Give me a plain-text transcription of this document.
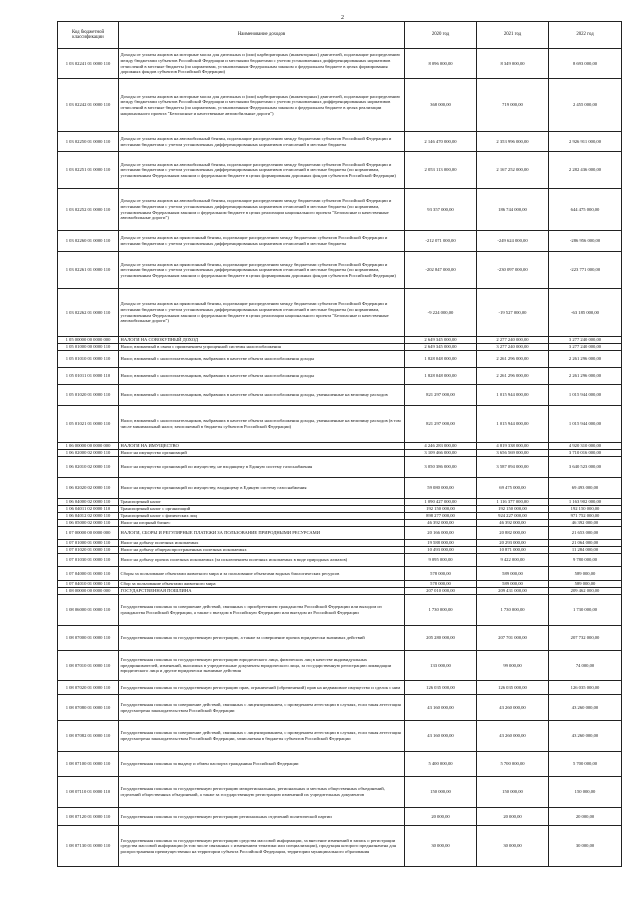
2
Код бюджетной классификации	Наименование доходов	2020 год	2021 год	2022 год
1 03 02241 01 0000 110	Доходы от уплаты акцизов на моторные масла для дизельных и (или) карбюраторных (инжекторных) двигателей, подлежащие распределению между бюджетами субъектов Российской Федерации и местными бюджетами с учетом установленных дифференцированных нормативов отчислений в местные бюджеты (по нормативам, установленным Федеральным законом о федеральном бюджете в целях формирования дорожных фондов субъектов Российской Федерации)	8 096 000,00	8 349 000,00	8 693 000,00
1 03 02242 01 0000 110	Доходы от уплаты акцизов на моторные масла для дизельных и (или) карбюраторных (инжекторных) двигателей, подлежащие распределению между бюджетами субъектов Российской Федерации и местными бюджетами с учетом установленных дифференцированных нормативов отчислений в местные бюджеты (по нормативам, установленным Федеральным законом о федеральном бюджете в целях реализации национального проекта "Безопасные и качественные автомобильные дороги")	368 000,00	719 000,00	2 455 000,00
1 03 02250 01 0000 110	Доходы от уплаты акцизов на автомобильный бензин, подлежащие распределению между бюджетами субъектов Российской Федерации и местными бюджетами с учетом установленных дифференцированных нормативов отчислений в местные бюджеты	2 146 470 000,00	2 353 996 000,00	2 926 911 000,00
1 03 02251 01 0000 110	Доходы от уплаты акцизов на автомобильный бензин, подлежащие распределению между бюджетами субъектов Российской Федерации и местными бюджетами с учетом установленных дифференцированных нормативов отчислений в местные бюджеты (по нормативам, установленным Федеральным законом о федеральном бюджете в целях формирования дорожных фондов субъектов Российской Федерации)	2 053 113 000,00	2 167 252 000,00	2 282 436 000,00
1 03 02252 01 0000 110	Доходы от уплаты акцизов на автомобильный бензин, подлежащие распределению между бюджетами субъектов Российской Федерации и местными бюджетами с учетом установленных дифференцированных нормативов отчислений в местные бюджеты (по нормативам, установленным Федеральным законом о федеральном бюджете в целях реализации национального проекта "Безопасные и качественные автомобильные дороги")	93 357 000,00	186 744 000,00	644 475 000,00
1 03 02260 01 0000 110	Доходы от уплаты акцизов на прямогонный бензин, подлежащие распределению между бюджетами субъектов Российской Федерации и местными бюджетами с учетом установленных дифференцированных нормативов отчислений в местные бюджеты	-212 071 000,00	-249 624 000,00	-286 956 000,00
1 03 02261 01 0000 110	Доходы от уплаты акцизов на прямогонный бензин, подлежащие распределению между бюджетами субъектов Российской Федерации и местными бюджетами с учетом установленных дифференцированных нормативов отчислений в местные бюджеты (по нормативам, установленным Федеральным законом о федеральном бюджете в целях формирования дорожных фондов субъектов Российской Федерации)	-202 847 000,00	-230 097 000,00	-223 771 000,00
1 03 02262 01 0000 110	Доходы от уплаты акцизов на прямогонный бензин, подлежащие распределению между бюджетами субъектов Российской Федерации и местными бюджетами с учетом установленных дифференцированных нормативов отчислений в местные бюджеты (по нормативам, установленным Федеральным законом о федеральном бюджете в целях реализации национального проекта "Безопасные и качественные автомобильные дороги")	-9 224 000,00	-19 527 000,00	-63 185 000,00
1 05 00000 00 0000 000	НАЛОГИ НА СОВОКУПНЫЙ ДОХОД	2 649 345 000,00	2 277 240 000,00	3 277 240 000,00
1 05 01000 00 0000 110	Налог, взимаемый в связи с применением упрощенной системы налогообложения	2 649 345 000,00	3 277 240 000,00	3 277 240 000,00
1 05 01010 01 0000 110	Налог, взимаемый с налогоплательщиков, выбравших в качестве объекта налогообложения доходы	1 828 048 000,00	2 261 296 000,00	2 261 296 000,00
1 05 01011 01 0000 110	Налог, взимаемый с налогоплательщиков, выбравших в качестве объекта налогообложения доходы	1 828 048 000,00	2 261 296 000,00	2 261 296 000,00
1 05 01020 01 0000 110	Налог, взимаемый с налогоплательщиков, выбравших в качестве объекта налогообложения доходы, уменьшенные на величину расходов	821 297 000,00	1 015 944 000,00	1 015 944 000,00
1 05 01021 01 0000 110	Налог, взимаемый с налогоплательщиков, выбравших в качестве объекта налогообложения доходы, уменьшенные на величину расходов (в том числе минимальный налог, зачисляемый в бюджеты субъектов Российской Федерации)	821 297 000,00	1 015 944 000,00	1 015 944 000,00
1 06 00000 00 0000 000	НАЛОГИ НА ИМУЩЕСТВО	4 246 283 000,00	4 819 338 000,00	4 920 310 000,00
1 06 02000 02 0000 110	Налог на имущество организаций	3 109 466 000,00	3 656 569 000,00	3 710 016 000,00
1 06 02010 02 0000 110	Налог на имущество организаций по имуществу, не входящему в Единую систему газоснабжения	3 050 386 000,00	3 587 094 000,00	3 640 523 000,00
1 06 02020 02 0000 110	Налог на имущество организаций по имуществу, входящему в Единую систему газоснабжения	59 080 000,00	69 475 000,00	69 493 000,00
1 06 04000 02 0000 110	Транспортный налог	1 090 427 000,00	1 116 377 000,00	1 163 902 000,00
1 06 04011 02 0000 110	Транспортный налог с организаций	192 150 000,00	192 150 000,00	192 150 000,00
1 06 04012 02 0000 110	Транспортный налог с физических лиц	898 277 000,00	924 227 000,00	971 752 000,00
1 06 05000 02 0000 110	Налог на игорный бизнес	46 392 000,00	46 392 000,00	46 392 000,00
1 07 00000 00 0000 000	НАЛОГИ, СБОРЫ И РЕГУЛЯРНЫЕ ПЛАТЕЖИ ЗА ПОЛЬЗОВАНИЕ ПРИРОДНЫМИ РЕСУРСАМИ	20 166 000,00	20 882 000,00	21 653 000,00
1 07 01000 01 0000 110	Налог на добычу полезных ископаемых	19 588 000,00	20 293 000,00	21 064 000,00
1 07 01020 01 0000 110	Налог на добычу общераспространенных полезных ископаемых	10 493 000,00	10 871 000,00	11 284 000,00
1 07 01030 01 0000 110	Налог на добычу прочих полезных ископаемых (за исключением полезных ископаемых в виде природных алмазов)	9 095 000,00	9 422 000,00	9 780 000,00
1 07 04000 01 0000 110	Сборы за пользование объектами животного мира и за пользование объектами водных биологических ресурсов	578 000,00	589 000,00	589 000,00
1 07 04010 01 0000 110	Сбор за пользование объектами животного мира	578 000,00	589 000,00	589 000,00
1 08 00000 00 0000 000	ГОСУДАРСТВЕННАЯ ПОШЛИНА	207 010 000,00	209 431 000,00	209 462 000,00
1 08 06000 01 0000 110	Государственная пошлина за совершение действий, связанных с приобретением гражданства Российской Федерации или выходом из гражданства Российской Федерации, а также с въездом в Российскую Федерацию или выездом из Российской Федерации	1 730 000,00	1 730 000,00	1 730 000,00
1 08 07000 01 0000 110	Государственная пошлина за государственную регистрацию, а также за совершение прочих юридически значимых действий	205 280 000,00	207 701 000,00	207 732 000,00
1 08 07010 01 0000 110	Государственная пошлина за государственную регистрацию юридического лица, физических лиц в качестве индивидуальных предпринимателей, изменений, вносимых в учредительные документы юридического лица, за государственную регистрацию ликвидации юридического лица и другие юридически значимые действия	133 000,00	99 000,00	74 000,00
1 08 07020 01 0000 110	Государственная пошлина за государственную регистрацию прав, ограничений (обременений) прав на недвижимое имущество и сделок с ним	126 035 000,00	126 035 000,00	126 035 000,00
1 08 07080 01 0000 110	Государственная пошлина за совершение действий, связанных с лицензированием, с проведением аттестации в случаях, если такая аттестация предусмотрена законодательством Российской Федерации	43 160 000,00	43 260 000,00	43 260 000,00
1 08 07082 01 0000 110	Государственная пошлина за совершение действий, связанных с лицензированием, с проведением аттестации в случаях, если такая аттестация предусмотрена законодательством Российской Федерации, зачисляемая в бюджеты субъектов Российской Федерации	43 160 000,00	43 260 000,00	43 260 000,00
1 08 07100 01 0000 110	Государственная пошлина за выдачу и обмен паспорта гражданина Российской Федерации	5 400 000,00	5 700 000,00	5 700 000,00
1 08 07110 01 0000 110	Государственная пошлина за государственную регистрацию межрегиональных, региональных и местных общественных объединений, отделений общественных объединений, а также за государственную регистрацию изменений их учредительных документов	150 000,00	150 000,00	150 000,00
1 08 07120 01 0000 110	Государственная пошлина за государственную регистрацию региональных отделений политической партии	20 000,00	20 000,00	20 000,00
1 08 07130 01 0000 110	Государственная пошлина за государственную регистрацию средства массовой информации, за внесение изменений в запись о регистрации средства массовой информации (в том числе связанных с изменением тематики или специализации), продукция которого предназначена для распространения преимущественно на территории субъекта Российской Федерации, территории муниципального образования	30 000,00	30 000,00	30 000,00
